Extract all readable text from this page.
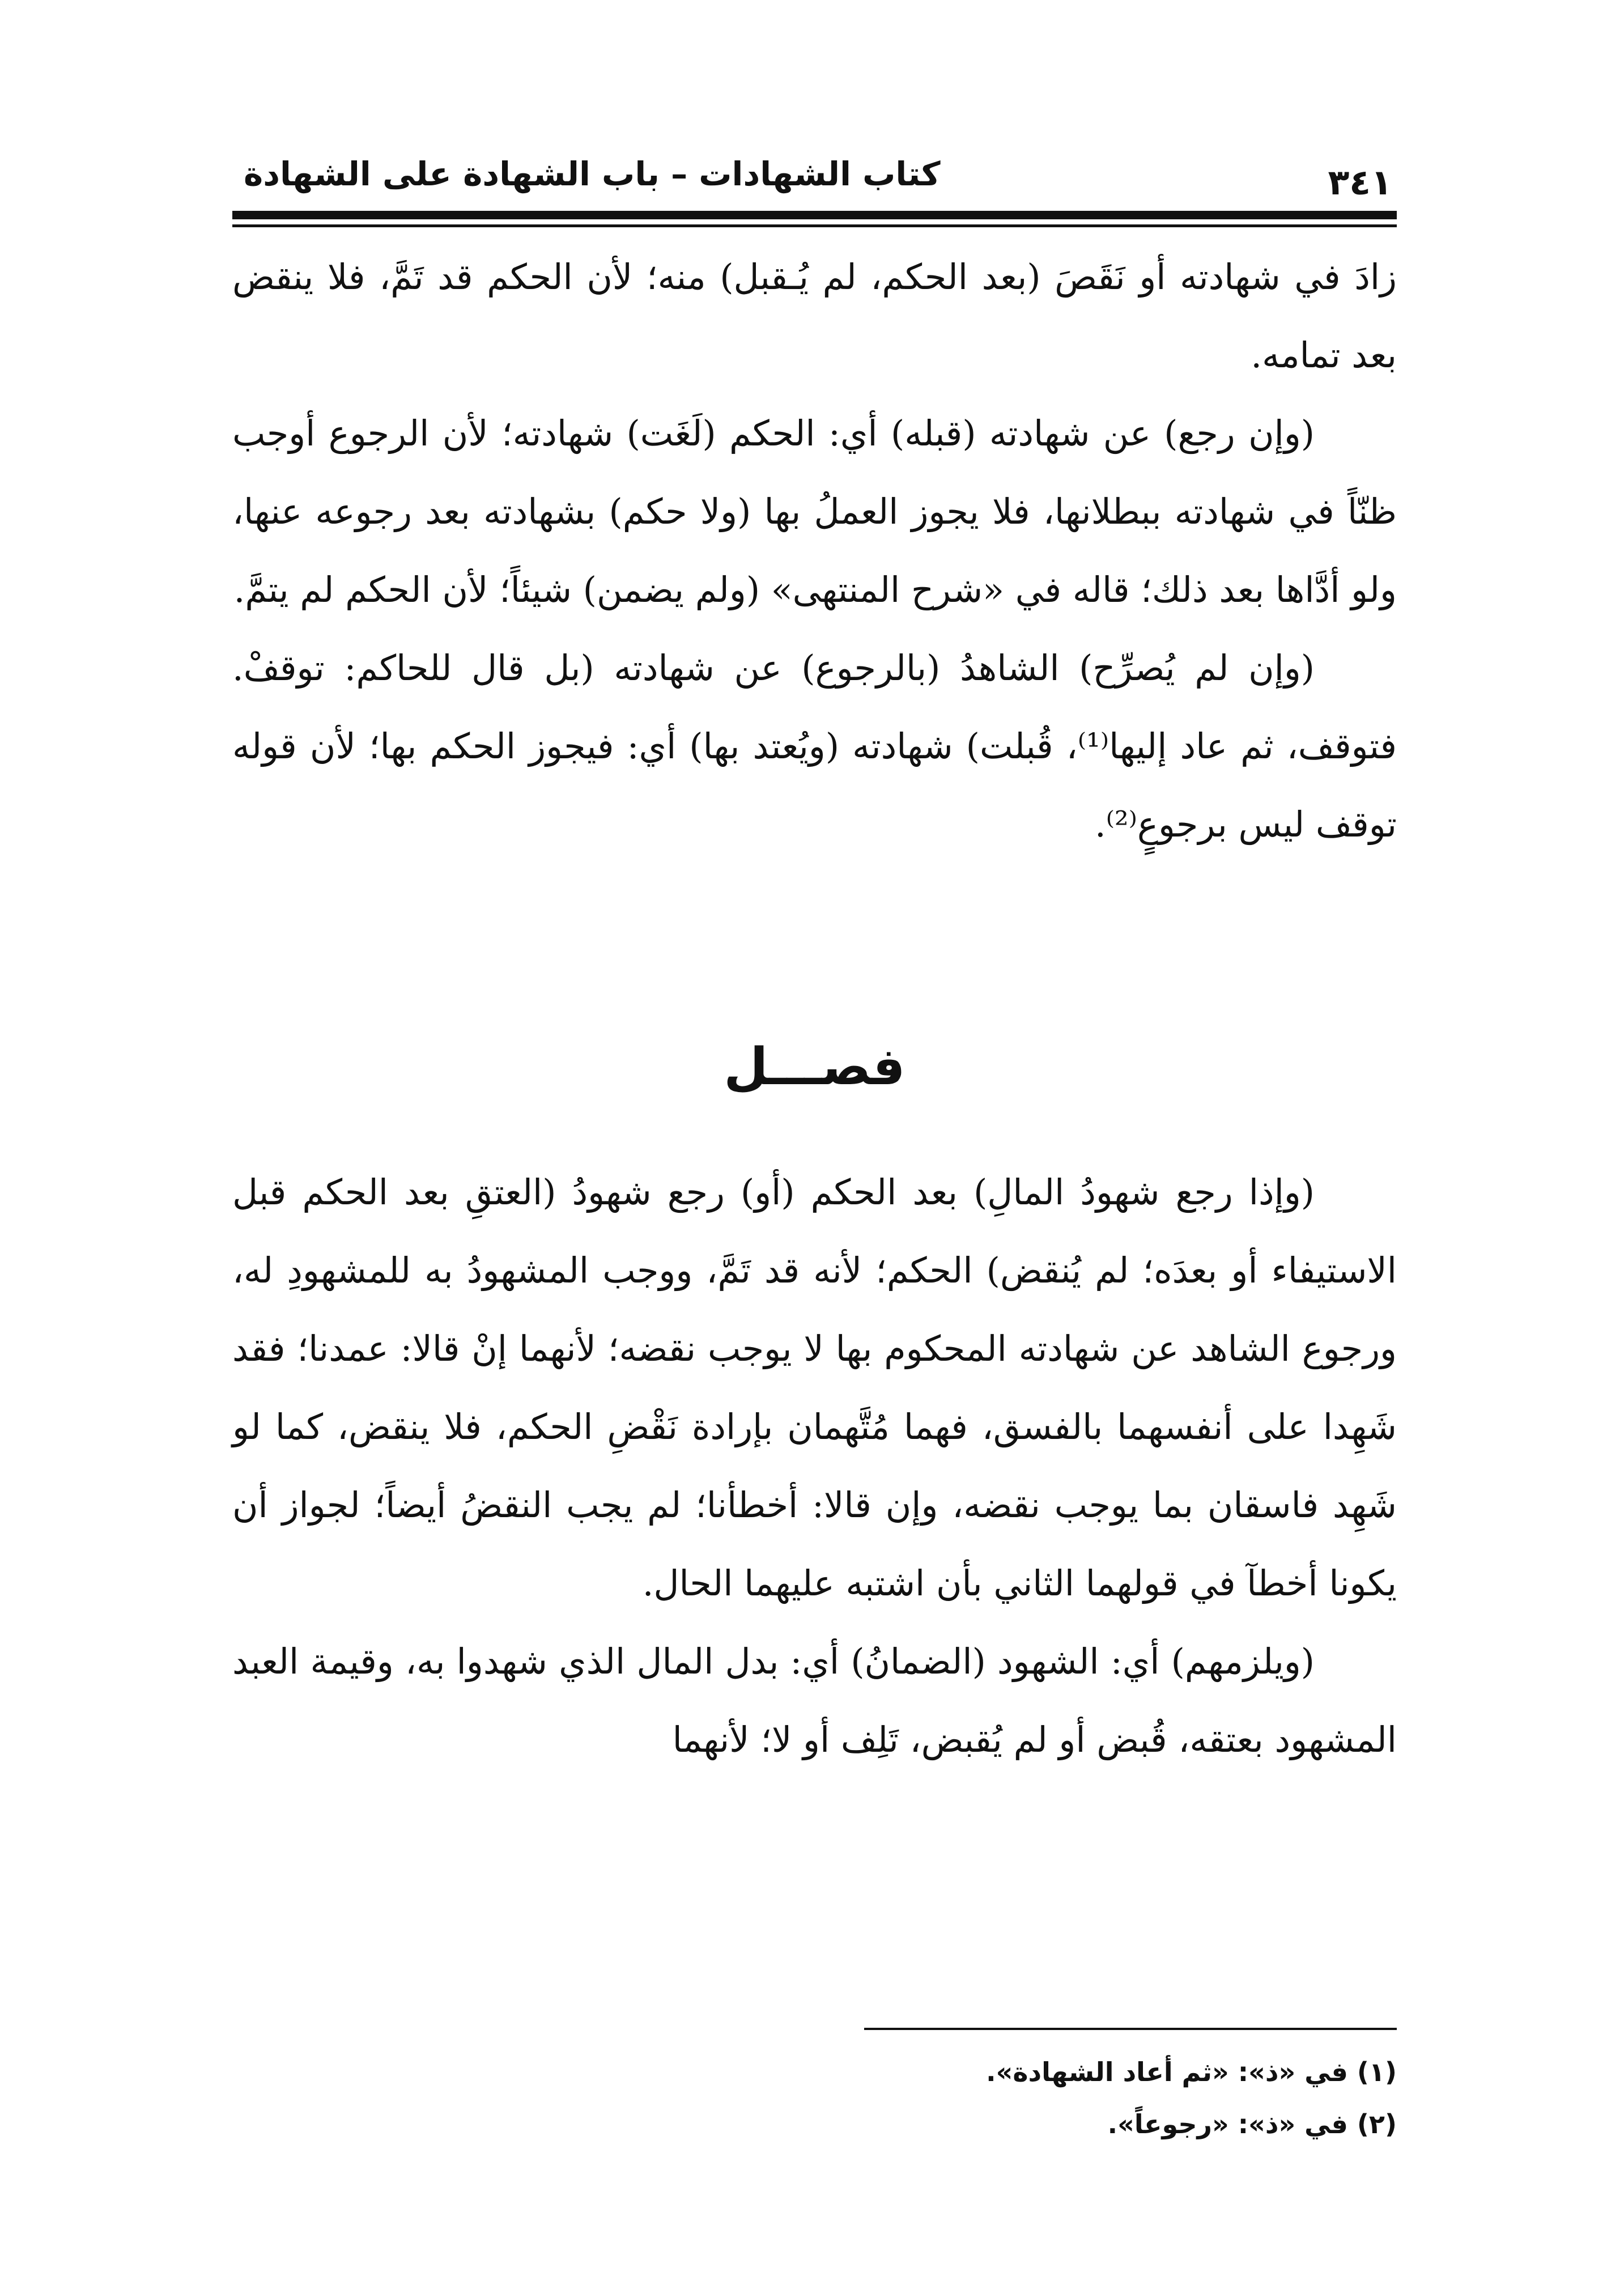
٣٤١
كتاب الشهادات – باب الشهادة على الشهادة

زادَ في شهادته أو نَقَصَ (بعد الحكم، لم يُـقبل) منه؛ لأن الحكم قد تَمَّ، فلا ينقض بعد تمامه.

(وإن رجع) عن شهادته (قبله) أي: الحكم (لَغَت) شهادته؛ لأن الرجوع أوجب ظنّاً في شهادته ببطلانها، فلا يجوز العملُ بها (ولا حكم) بشهادته بعد رجوعه عنها، ولو أدَّاها بعد ذلك؛ قاله في «شرح المنتهى» (ولم يضمن) شيئاً؛ لأن الحكم لم يتمَّ.

(وإن لم يُصرِّح) الشاهدُ (بالرجوع) عن شهادته (بل قال للحاكم: توقفْ. فتوقف، ثم عاد إليها⁽¹⁾، قُبلت) شهادته (ويُعتد بها) أي: فيجوز الحكم بها؛ لأن قوله توقف ليس برجوعٍ⁽²⁾.

فصـــل

(وإذا رجع شهودُ المالِ) بعد الحكم (أو) رجع شهودُ (العتقِ بعد الحكم قبل الاستيفاء أو بعدَه؛ لم يُنقض) الحكم؛ لأنه قد تَمَّ، ووجب المشهودُ به للمشهودِ له، ورجوع الشاهد عن شهادته المحكوم بها لا يوجب نقضه؛ لأنهما إنْ قالا: عمدنا؛ فقد شَهِدا على أنفسهما بالفسق، فهما مُتَّهمان بإرادة نَقْضِ الحكم، فلا ينقض، كما لو شَهِد فاسقان بما يوجب نقضه، وإن قالا: أخطأنا؛ لم يجب النقضُ أيضاً؛ لجواز أن يكونا أخطآ في قولهما الثاني بأن اشتبه عليهما الحال.

(ويلزمهم) أي: الشهود (الضمانُ) أي: بدل المال الذي شهدوا به، وقيمة العبد المشهود بعتقه، قُبض أو لم يُقبض، تَلِف أو لا؛ لأنهما

(١) في «ذ»: «ثم أعاد الشهادة».

(٢) في «ذ»: «رجوعاً».
